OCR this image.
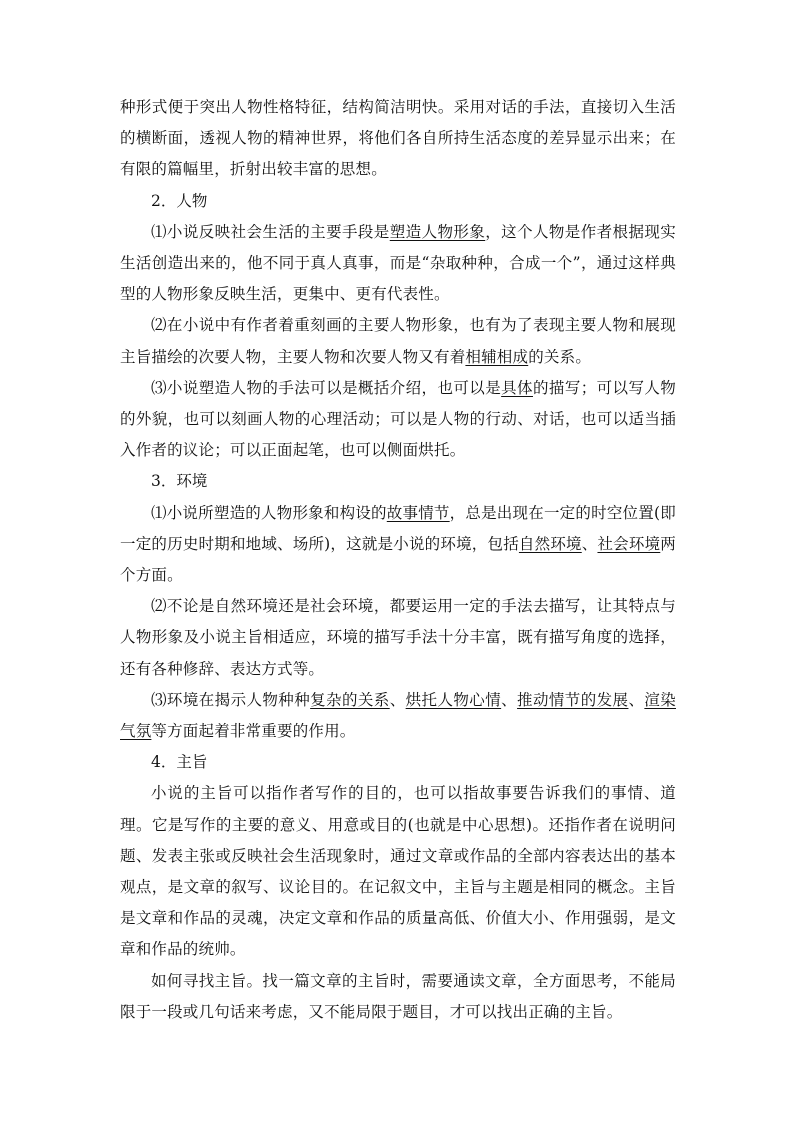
种形式便于突出人物性格特征，结构简洁明快。采用对话的手法，直接切入生活的横断面，透视人物的精神世界，将他们各自所持生活态度的差异显示出来；在有限的篇幅里，折射出较丰富的思想。

2．人物

⑴小说反映社会生活的主要手段是塑造人物形象，这个人物是作者根据现实生活创造出来的，他不同于真人真事，而是“杂取种种，合成一个”，通过这样典型的人物形象反映生活，更集中、更有代表性。

⑵在小说中有作者着重刻画的主要人物形象，也有为了表现主要人物和展现主旨描绘的次要人物，主要人物和次要人物又有着相辅相成的关系。

⑶小说塑造人物的手法可以是概括介绍，也可以是具体的描写；可以写人物的外貌，也可以刻画人物的心理活动；可以是人物的行动、对话，也可以适当插入作者的议论；可以正面起笔，也可以侧面烘托。

3．环境

⑴小说所塑造的人物形象和构设的故事情节，总是出现在一定的时空位置(即一定的历史时期和地域、场所)，这就是小说的环境，包括自然环境、社会环境两个方面。

⑵不论是自然环境还是社会环境，都要运用一定的手法去描写，让其特点与人物形象及小说主旨相适应，环境的描写手法十分丰富，既有描写角度的选择，还有各种修辞、表达方式等。

⑶环境在揭示人物种种复杂的关系、烘托人物心情、推动情节的发展、渲染气氛等方面起着非常重要的作用。

4．主旨

小说的主旨可以指作者写作的目的，也可以指故事要告诉我们的事情、道理。它是写作的主要的意义、用意或目的(也就是中心思想)。还指作者在说明问题、发表主张或反映社会生活现象时，通过文章或作品的全部内容表达出的基本观点，是文章的叙写、议论目的。在记叙文中，主旨与主题是相同的概念。主旨是文章和作品的灵魂，决定文章和作品的质量高低、价值大小、作用强弱，是文章和作品的统帅。

如何寻找主旨。找一篇文章的主旨时，需要通读文章，全方面思考，不能局限于一段或几句话来考虑，又不能局限于题目，才可以找出正确的主旨。
